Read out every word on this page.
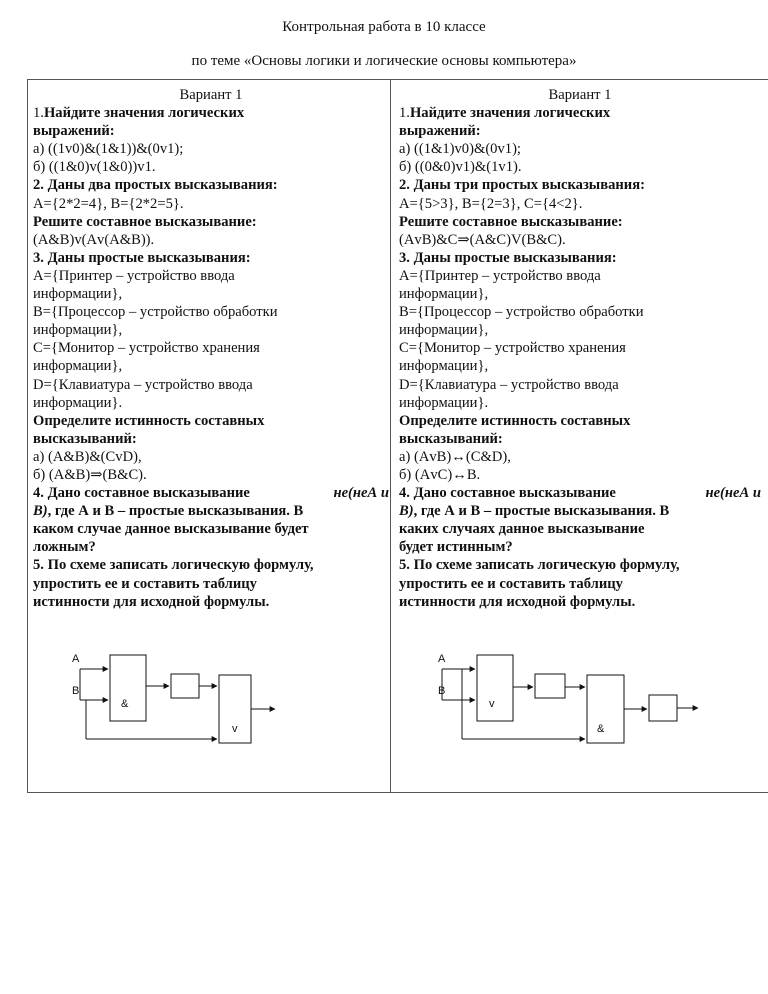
Контрольная работа в 10 классе
по теме «Основы логики и логические основы компьютера»
Вариант 1
1.Найдите значения логических
выражений:
а) ((1v0)&(1&1))&(0v1);
б) ((1&0)v(1&0))v1.
2. Даны два простых высказывания:
А={2*2=4}, В={2*2=5}.
Решите составное высказывание:
(А&В)v(Аv(А&В)).
3. Даны простые высказывания:
А={Принтер – устройство ввода
информации},
В={Процессор – устройство обработки
информации},
С={Монитор – устройство хранения
информации},
D={Клавиатура – устройство ввода
информации}.
Определите истинность составных
высказываний:
а) (А&В)&(СvD),
б) (А&В)⇒(В&С).
4. Дано составное высказывание	не(неА и
В), где А и В – простые высказывания. В
каком случае данное высказывание будет
ложным?
5. По схеме записать логическую формулу,
упростить ее и составить таблицу
истинности для исходной формулы.
Вариант 1
1.Найдите значения логических
выражений:
а) ((1&1)v0)&(0v1);
б) ((0&0)v1)&(1v1).
2. Даны три простых высказывания:
А={5>3}, В={2=3}, С={4<2}.
Решите составное высказывание:
(АvВ)&С⇒(А&С)V(В&С).
3. Даны простые высказывания:
А={Принтер – устройство ввода
информации},
В={Процессор – устройство обработки
информации},
С={Монитор – устройство хранения
информации},
D={Клавиатура – устройство ввода
информации}.
Определите истинность составных
высказываний:
а) (АvВ)↔(С&D),
б) (АvС)↔В.
4. Дано составное высказывание	не(неА и
В), где А и В – простые высказывания. В
каких случаях данное высказывание
будет истинным?
5. По схеме записать логическую формулу,
упростить ее и составить таблицу
истинности для исходной формулы.
A
B
&
v
A
B
v
&
